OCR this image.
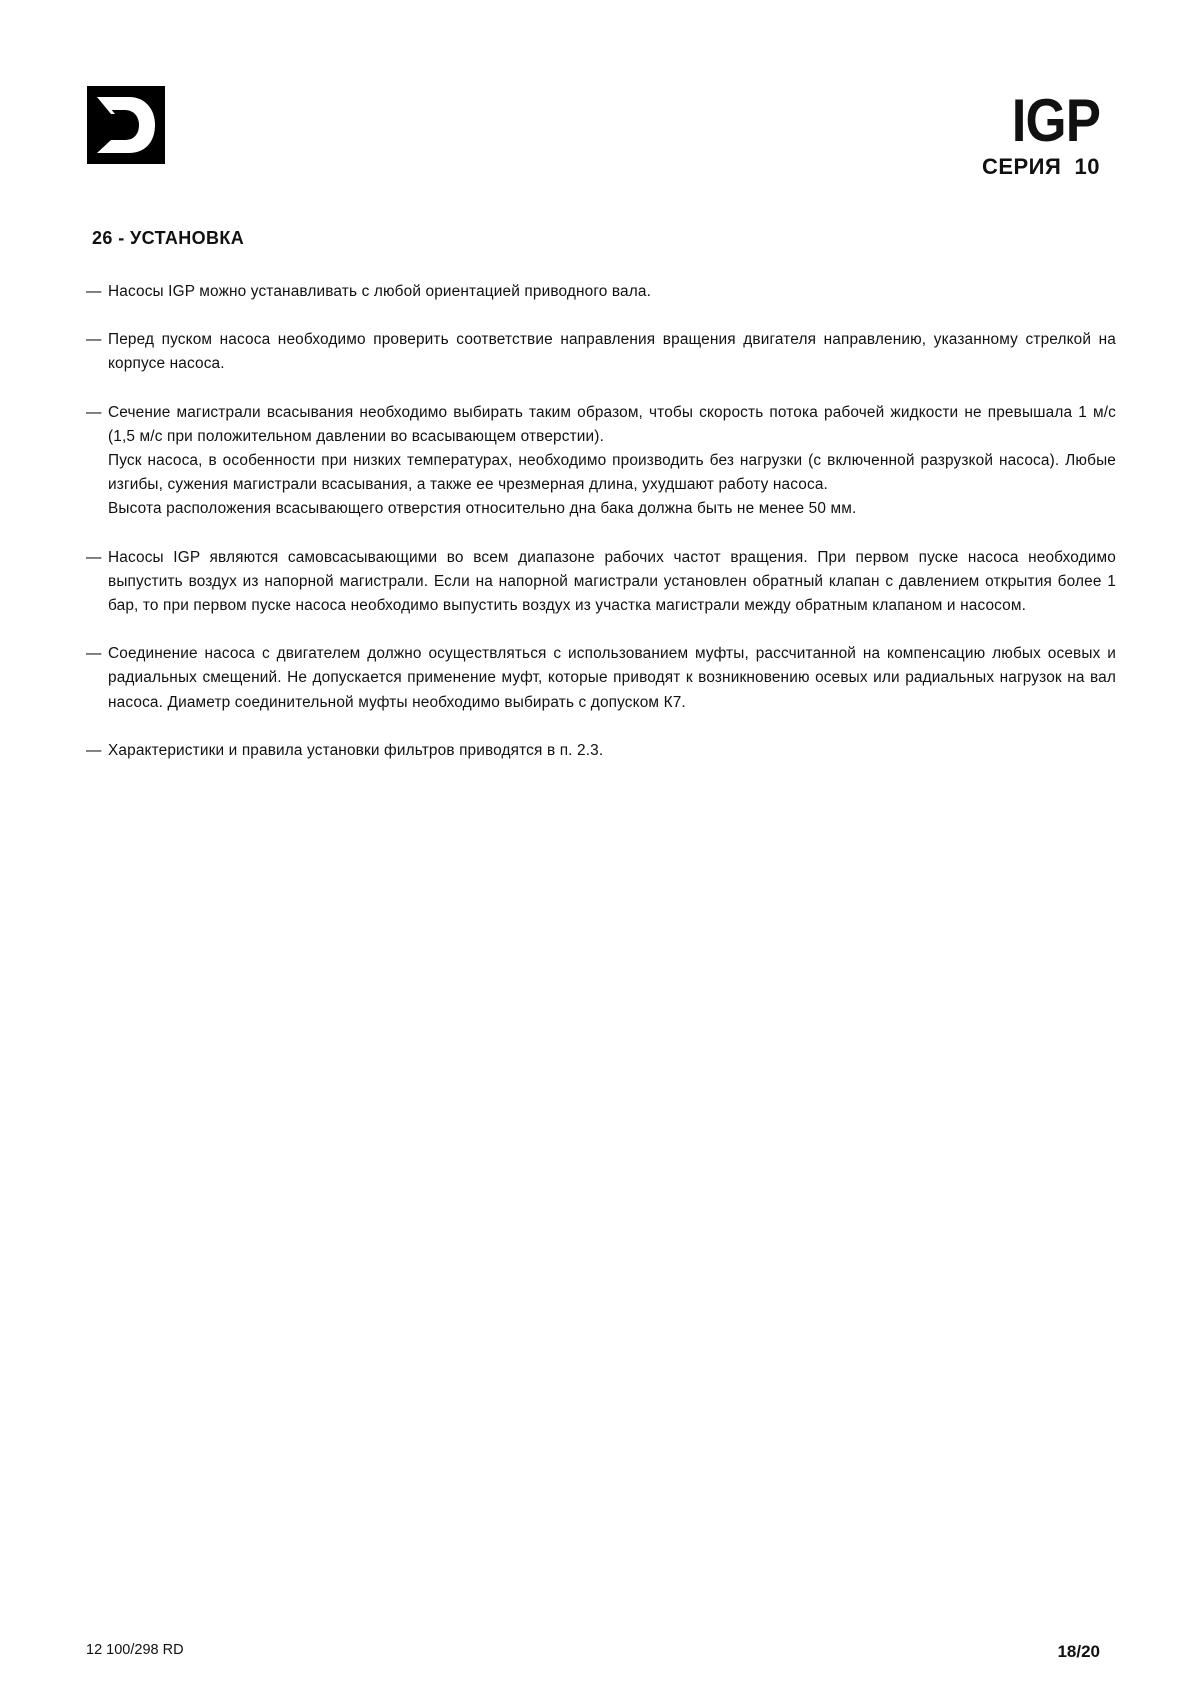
IGP
СЕРИЯ  10
26 - УСТАНОВКА
— Насосы IGP можно устанавливать с любой ориентацией приводного вала.

— Перед пуском насоса необходимо проверить соответствие направления вращения двигателя направлению, указанному стрелкой на корпусе насоса.

— Сечение магистрали всасывания необходимо выбирать таким образом, чтобы скорость потока рабочей жидкости не превышала 1 м/с (1,5 м/с при положительном давлении во всасывающем отверстии).

Пуск насоса, в особенности при низких температурах, необходимо производить без нагрузки (с включенной разрузкой насоса). Любые изгибы, сужения магистрали всасывания, а также ее чрезмерная длина, ухудшают работу насоса.

Высота расположения всасывающего отверстия относительно дна бака должна быть не менее 50 мм.

— Насосы IGP являются самовсасывающими во всем диапазоне рабочих частот вращения. При первом пуске насоса необходимо выпустить воздух из напорной магистрали. Если на напорной магистрали установлен обратный клапан с давлением открытия более 1 бар, то при первом пуске насоса необходимо выпустить воздух из участка магистрали между обратным клапаном и насосом.

— Соединение насоса с двигателем должно осуществляться с использованием муфты, рассчитанной на компенсацию любых осевых и радиальных смещений. Не допускается применение муфт, которые приводят к возникновению осевых или радиальных нагрузок на вал насоса. Диаметр соединительной муфты необходимо выбирать с допуском К7.

— Характеристики и правила установки фильтров приводятся в п. 2.3.

12 100/298 RD	18/20
